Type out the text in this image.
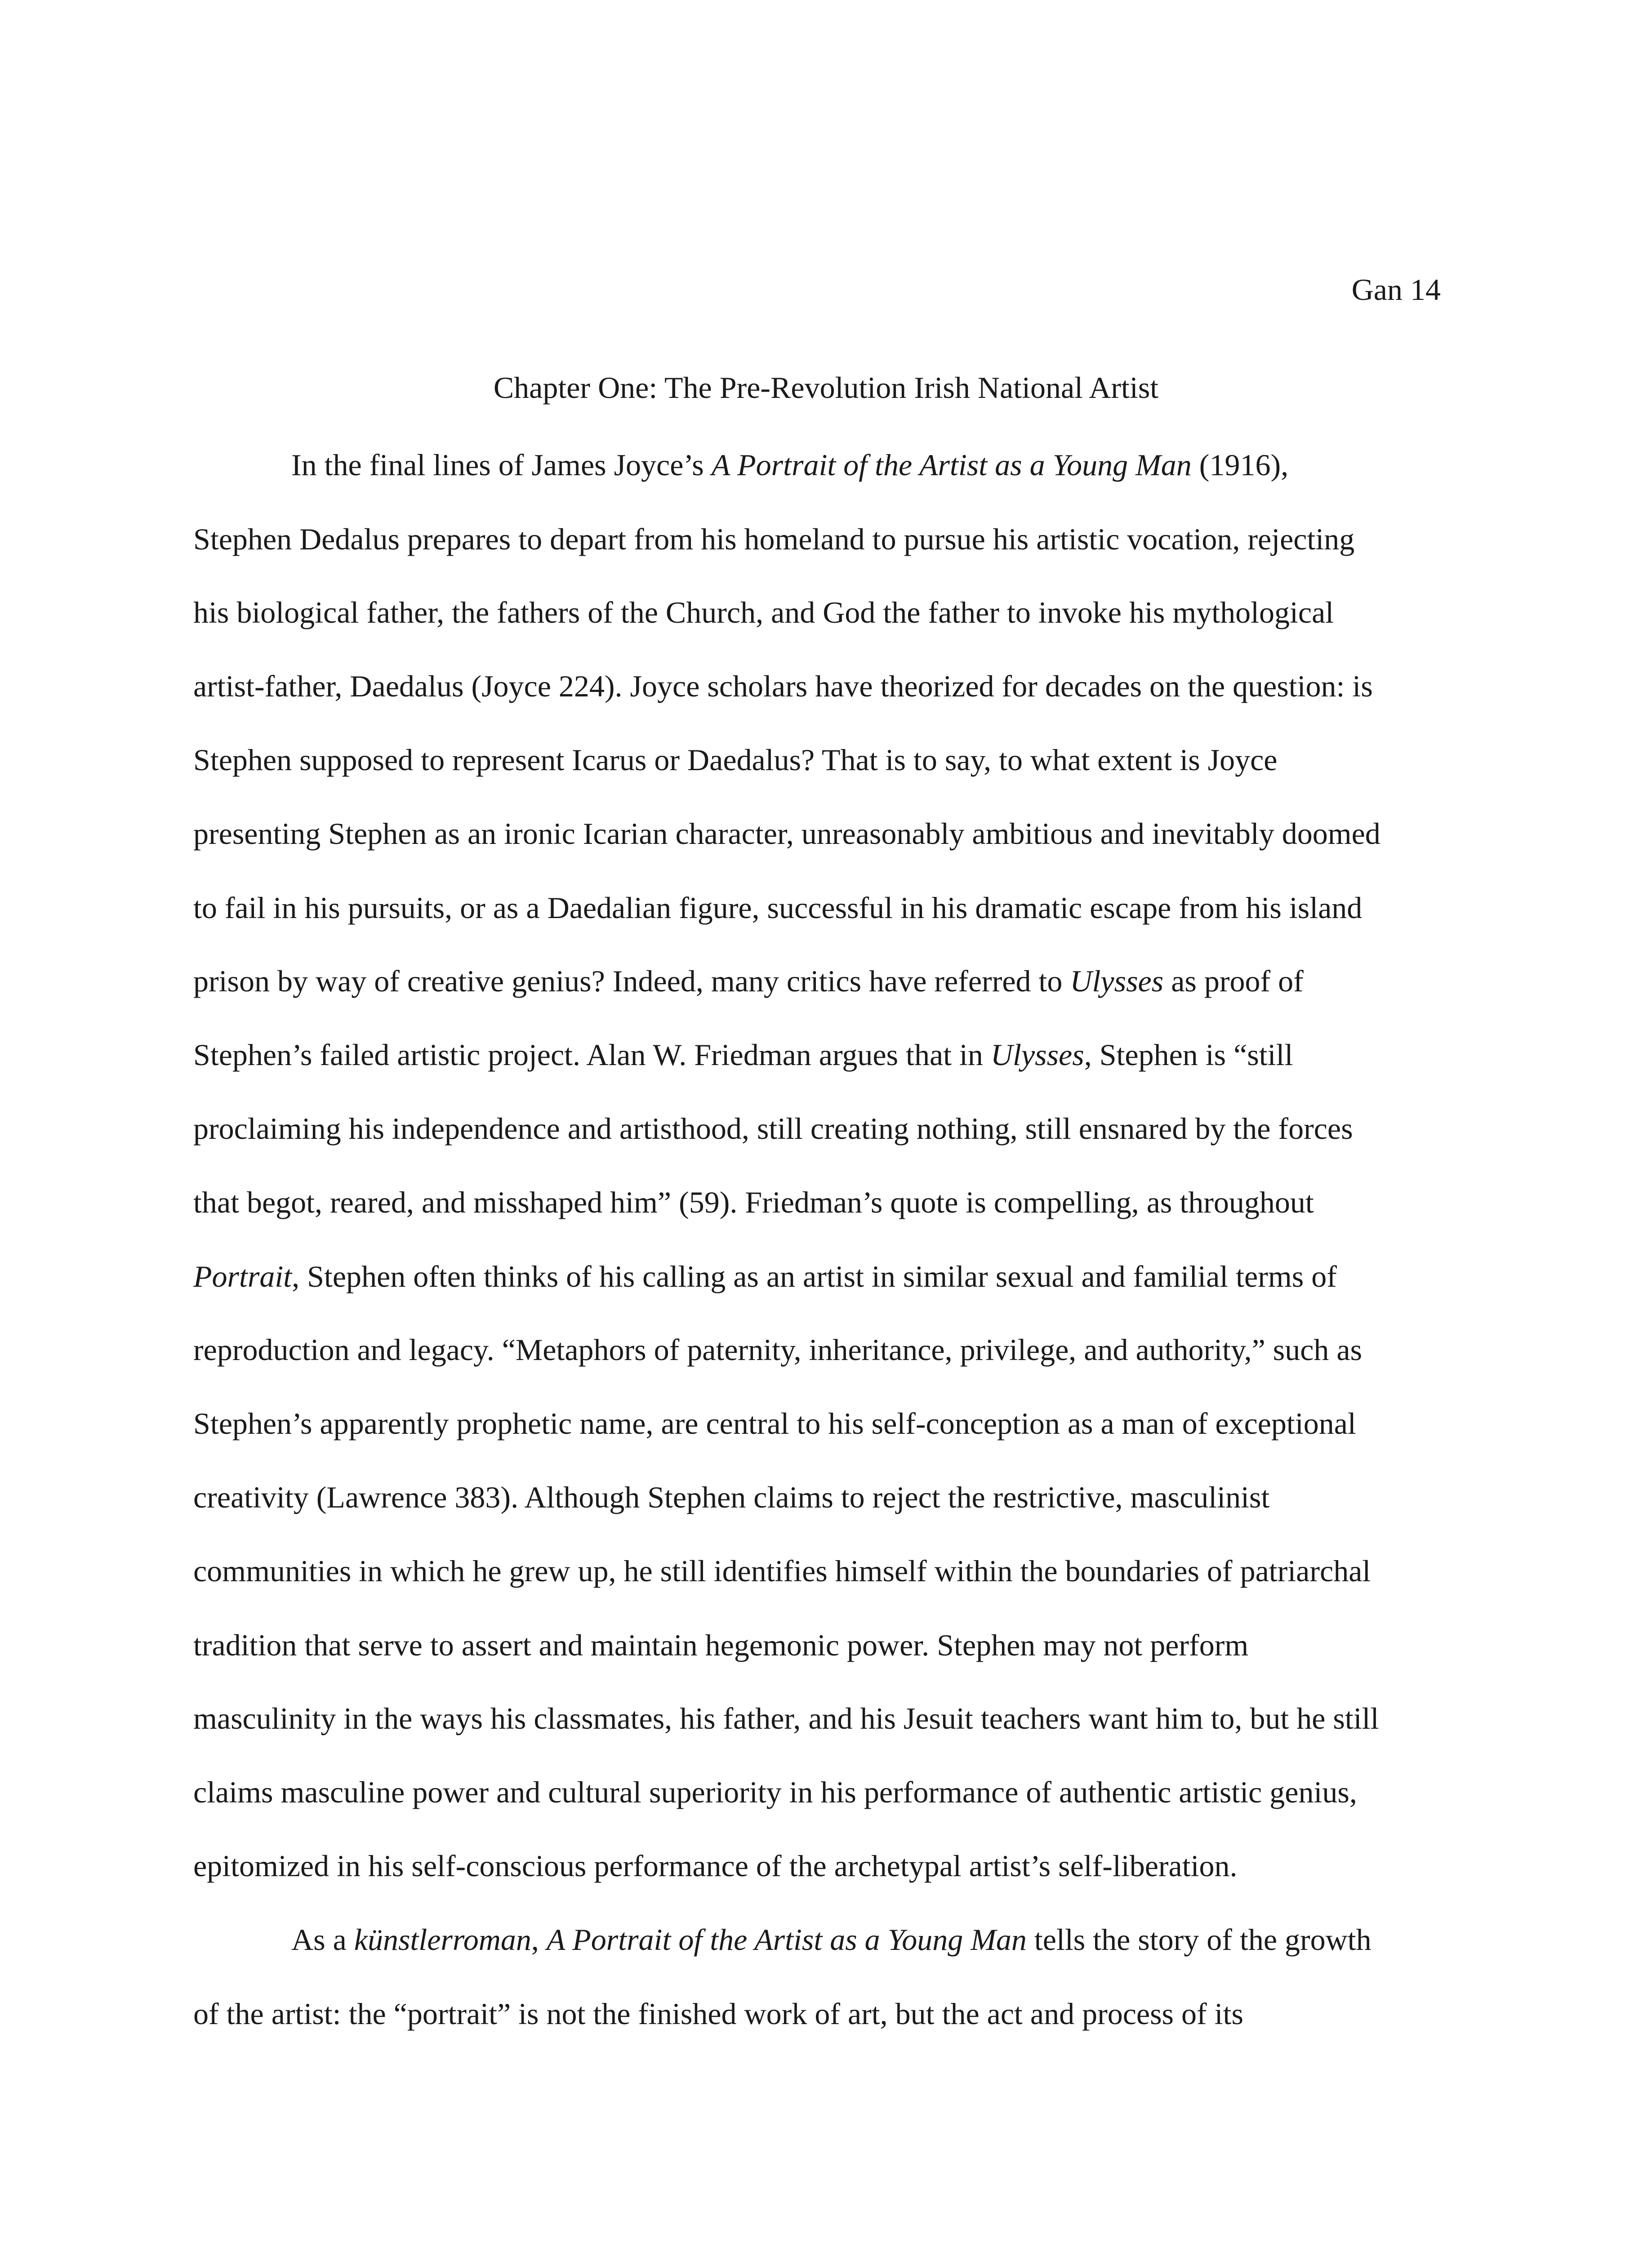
Gan 14
Chapter One: The Pre-Revolution Irish National Artist
In the final lines of James Joyce’s A Portrait of the Artist as a Young Man (1916),
Stephen Dedalus prepares to depart from his homeland to pursue his artistic vocation, rejecting
his biological father, the fathers of the Church, and God the father to invoke his mythological
artist-father, Daedalus (Joyce 224). Joyce scholars have theorized for decades on the question: is
Stephen supposed to represent Icarus or Daedalus? That is to say, to what extent is Joyce
presenting Stephen as an ironic Icarian character, unreasonably ambitious and inevitably doomed
to fail in his pursuits, or as a Daedalian figure, successful in his dramatic escape from his island
prison by way of creative genius? Indeed, many critics have referred to Ulysses as proof of
Stephen’s failed artistic project. Alan W. Friedman argues that in Ulysses, Stephen is “still
proclaiming his independence and artisthood, still creating nothing, still ensnared by the forces
that begot, reared, and misshaped him” (59). Friedman’s quote is compelling, as throughout
Portrait, Stephen often thinks of his calling as an artist in similar sexual and familial terms of
reproduction and legacy. “Metaphors of paternity, inheritance, privilege, and authority,” such as
Stephen’s apparently prophetic name, are central to his self-conception as a man of exceptional
creativity (Lawrence 383). Although Stephen claims to reject the restrictive, masculinist
communities in which he grew up, he still identifies himself within the boundaries of patriarchal
tradition that serve to assert and maintain hegemonic power. Stephen may not perform
masculinity in the ways his classmates, his father, and his Jesuit teachers want him to, but he still
claims masculine power and cultural superiority in his performance of authentic artistic genius,
epitomized in his self-conscious performance of the archetypal artist’s self-liberation.
As a künstlerroman, A Portrait of the Artist as a Young Man tells the story of the growth
of the artist: the “portrait” is not the finished work of art, but the act and process of its
